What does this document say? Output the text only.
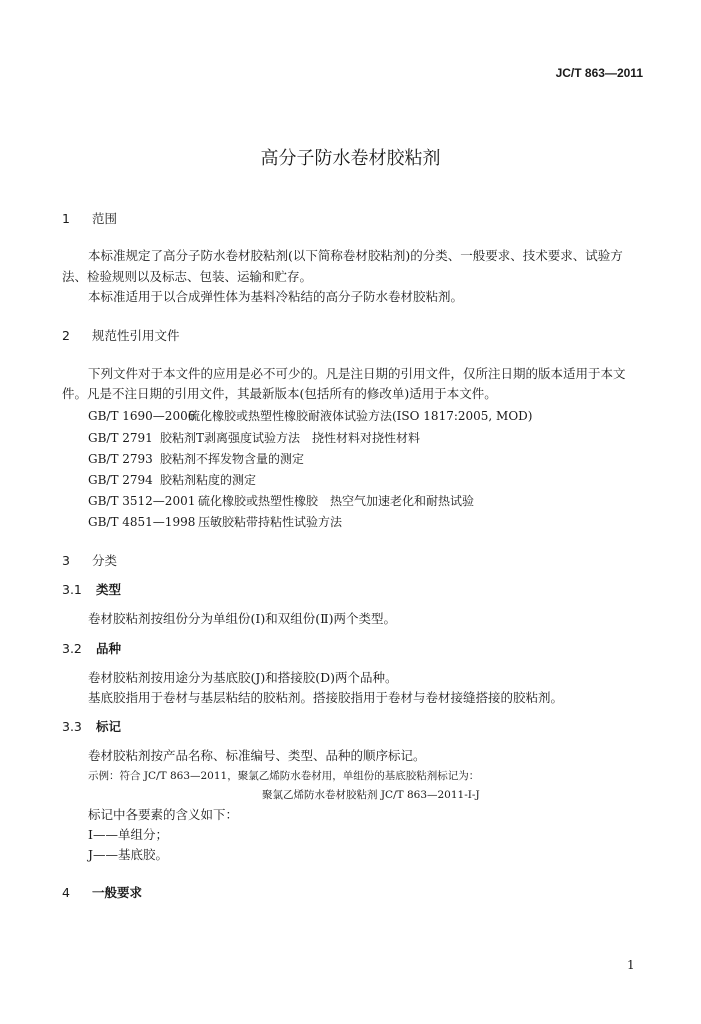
JC/T 863—2011
高分子防水卷材胶粘剂
1 范围
本标准规定了高分子防水卷材胶粘剂(以下简称卷材胶粘剂)的分类、一般要求、技术要求、试验方
法、检验规则以及标志、包装、运输和贮存。
本标准适用于以合成弹性体为基料冷粘结的高分子防水卷材胶粘剂。
2 规范性引用文件
下列文件对于本文件的应用是必不可少的。凡是注日期的引用文件，仅所注日期的版本适用于本文
件。凡是不注日期的引用文件，其最新版本(包括所有的修改单)适用于本文件。
GB/T 1690—2006硫化橡胶或热塑性橡胶耐液体试验方法(ISO 1817:2005, MOD)
GB/T 2791 胶粘剂T剥离强度试验方法　挠性材料对挠性材料
GB/T 2793 胶粘剂不挥发物含量的测定
GB/T 2794 胶粘剂粘度的测定
GB/T 3512—2001 硫化橡胶或热塑性橡胶　热空气加速老化和耐热试验
GB/T 4851—1998 压敏胶粘带持粘性试验方法
3 分类
3.1 类型
卷材胶粘剂按组份分为单组份(Ⅰ)和双组份(Ⅱ)两个类型。
3.2 品种
卷材胶粘剂按用途分为基底胶(J)和搭接胶(D)两个品种。
基底胶指用于卷材与基层粘结的胶粘剂。搭接胶指用于卷材与卷材接缝搭接的胶粘剂。
3.3 标记
卷材胶粘剂按产品名称、标准编号、类型、品种的顺序标记。
示例：符合 JC/T 863—2011，聚氯乙烯防水卷材用，单组份的基底胶粘剂标记为：
聚氯乙烯防水卷材胶粘剂 JC/T 863—2011-Ⅰ-J
标记中各要素的含义如下：
Ⅰ——单组分；
J——基底胶。
4 一般要求
1
